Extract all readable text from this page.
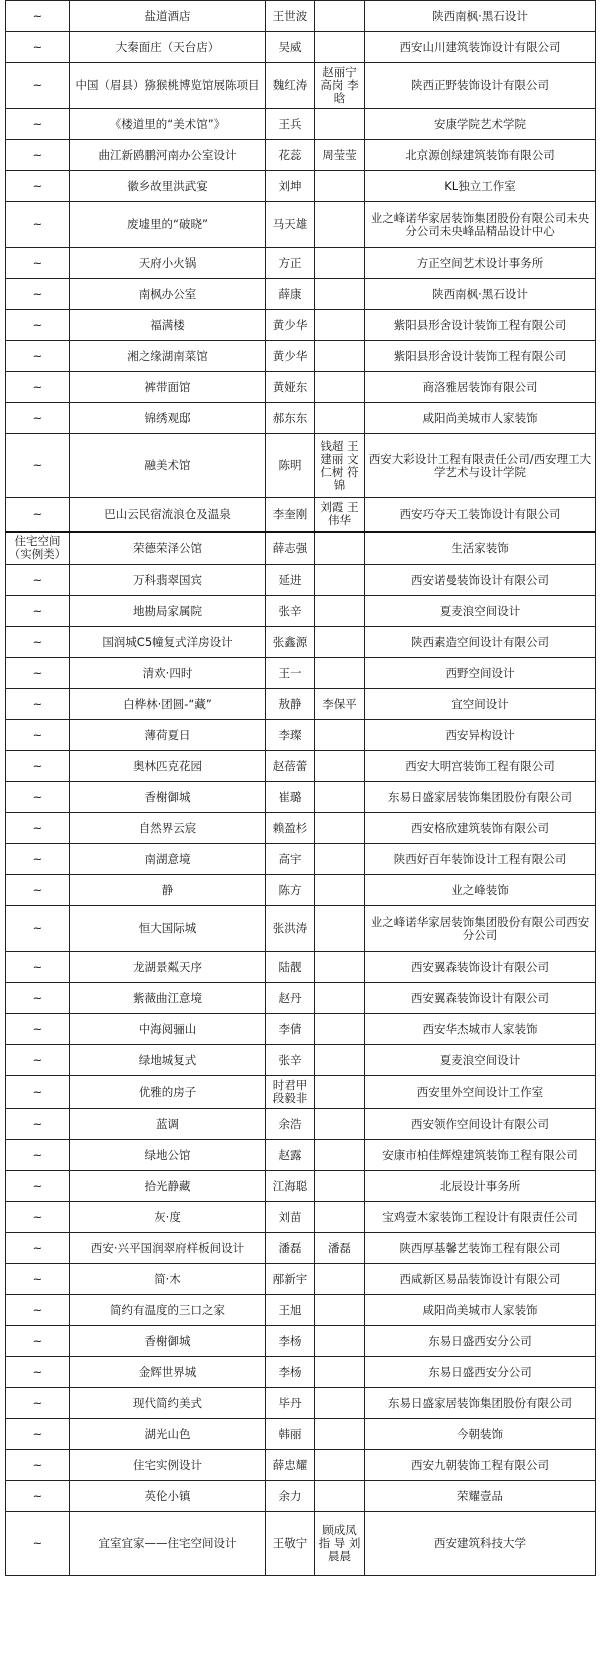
~	盐道酒店	王世波		陕西南枫·黑石设计
~	大秦面庄（天台店）	吴威		西安山川建筑装饰设计有限公司
~	中国（眉县）猕猴桃博览馆展陈项目	魏红涛	赵丽宁 高岗 李晗	陕西正野装饰设计有限公司
~	《楼道里的“美术馆”》	王兵		安康学院艺术学院
~	曲江新鸥鹏河南办公室设计	花蕊	周莹莹	北京源创绿建筑装饰有限公司
~	徽乡故里洪武宴	刘坤		KL独立工作室
~	废墟里的“破晓”	马天雄		业之峰诺华家居装饰集团股份有限公司未央分公司未央峰品精品设计中心
~	天府小火锅	方正		方正空间艺术设计事务所
~	南枫办公室	薛康		陕西南枫·黑石设计
~	福满楼	黄少华		紫阳县形舍设计装饰工程有限公司
~	湘之缘湖南菜馆	黄少华		紫阳县形舍设计装饰工程有限公司
~	裤带面馆	黄娅东		商洛雅居装饰有限公司
~	锦绣观邸	郝东东		咸阳尚美城市人家装饰
~	融美术馆	陈明	钱超 王建丽 文仁树 符锦	西安大彩设计工程有限责任公司/西安理工大学艺术与设计学院
~	巴山云民宿流浪仓及温泉	李奎刚	刘霞 王伟华	西安巧夺天工装饰设计有限公司
住宅空间（实例类）	荣德荣泽公馆	薛志强		生活家装饰
~	万科翡翠国宾	延进		西安诺曼装饰设计有限公司
~	地勘局家属院	张辛		夏麦浪空间设计
~	国润城C5幢复式洋房设计	张鑫源		陕西素造空间设计有限公司
~	清欢·四时	王一		西野空间设计
~	白桦林·团圆-“藏”	敖静	李保平	宜空间设计
~	薄荷夏日	李璨		西安异构设计
~	奥林匹克花园	赵蓓蕾		西安大明宫装饰工程有限公司
~	香榭御城	崔璐		东易日盛家居装饰集团股份有限公司
~	自然界云宸	赖盈杉		西安格欣建筑装饰有限公司
~	南湖意境	高宇		陕西好百年装饰设计工程有限公司
~	静	陈方		业之峰装饰
~	恒大国际城	张洪涛		业之峰诺华家居装饰集团股份有限公司西安分公司
~	龙湖景粼天序	陆靓		西安翼森装饰设计有限公司
~	紫薇曲江意境	赵丹		西安翼森装饰设计有限公司
~	中海阅骊山	李倩		西安华杰城市人家装饰
~	绿地城复式	张辛		夏麦浪空间设计
~	优雅的房子	时君甲 段毅非		西安里外空间设计工作室
~	蓝调	余浩		西安领作空间设计有限公司
~	绿地公馆	赵露		安康市柏佳辉煌建筑装饰工程有限公司
~	拾光静藏	江海聪		北辰设计事务所
~	灰·度	刘苗		宝鸡壹木家装饰工程设计有限责任公司
~	西安·兴平国润翠府样板间设计	潘磊	潘磊	陕西厚基馨艺装饰工程有限公司
~	简·木	邴新宇		西咸新区易品装饰设计有限公司
~	简约有温度的三口之家	王旭		咸阳尚美城市人家装饰
~	香榭御城	李杨		东易日盛西安分公司
~	金辉世界城	李杨		东易日盛西安分公司
~	现代简约美式	毕丹		东易日盛家居装饰集团股份有限公司
~	湖光山色	韩丽		今朝装饰
~	住宅实例设计	薛忠耀		西安九朝装饰工程有限公司
~	英伦小镇	余力		荣耀壹品
~	宜室宜家——住宅空间设计	王敬宁	顾成凤 指 导 刘晨晨	西安建筑科技大学
